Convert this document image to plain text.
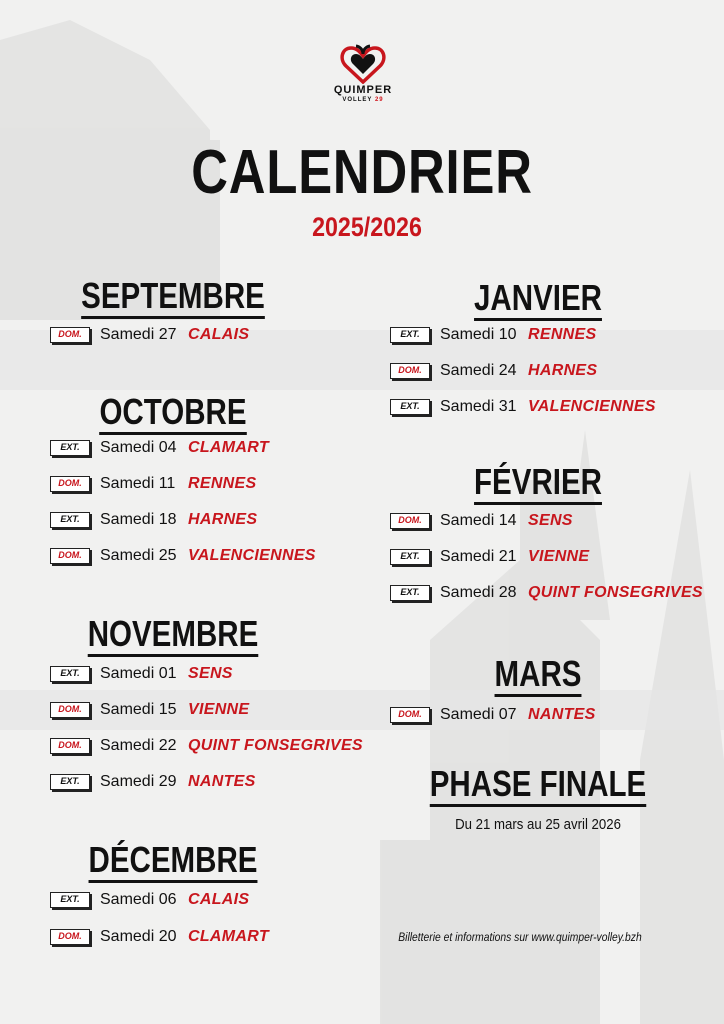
QUIMPER
VOLLEY 29
CALENDRIER
2025/2026
SEPTEMBRE
OCTOBRE
NOVEMBRE
DÉCEMBRE
JANVIER
FÉVRIER
MARS
PHASE FINALE
Du 21 mars au 25 avril 2026
Billetterie et informations sur www.quimper-volley.bzh
DOM.	Samedi 27 CALAIS
EXT.	Samedi 04 CLAMART
DOM.	Samedi 11 RENNES
EXT.	Samedi 18 HARNES
DOM.	Samedi 25 VALENCIENNES
EXT.	Samedi 01 SENS
DOM.	Samedi 15 VIENNE
DOM.	Samedi 22 QUINT FONSEGRIVES
EXT.	Samedi 29 NANTES
EXT.	Samedi 06 CALAIS
DOM.	Samedi 20 CLAMART
EXT.	Samedi 10 RENNES
DOM.	Samedi 24 HARNES
EXT.	Samedi 31 VALENCIENNES
DOM.	Samedi 14 SENS
EXT.	Samedi 21 VIENNE
EXT.	Samedi 28 QUINT FONSEGRIVES
DOM.	Samedi 07 NANTES
